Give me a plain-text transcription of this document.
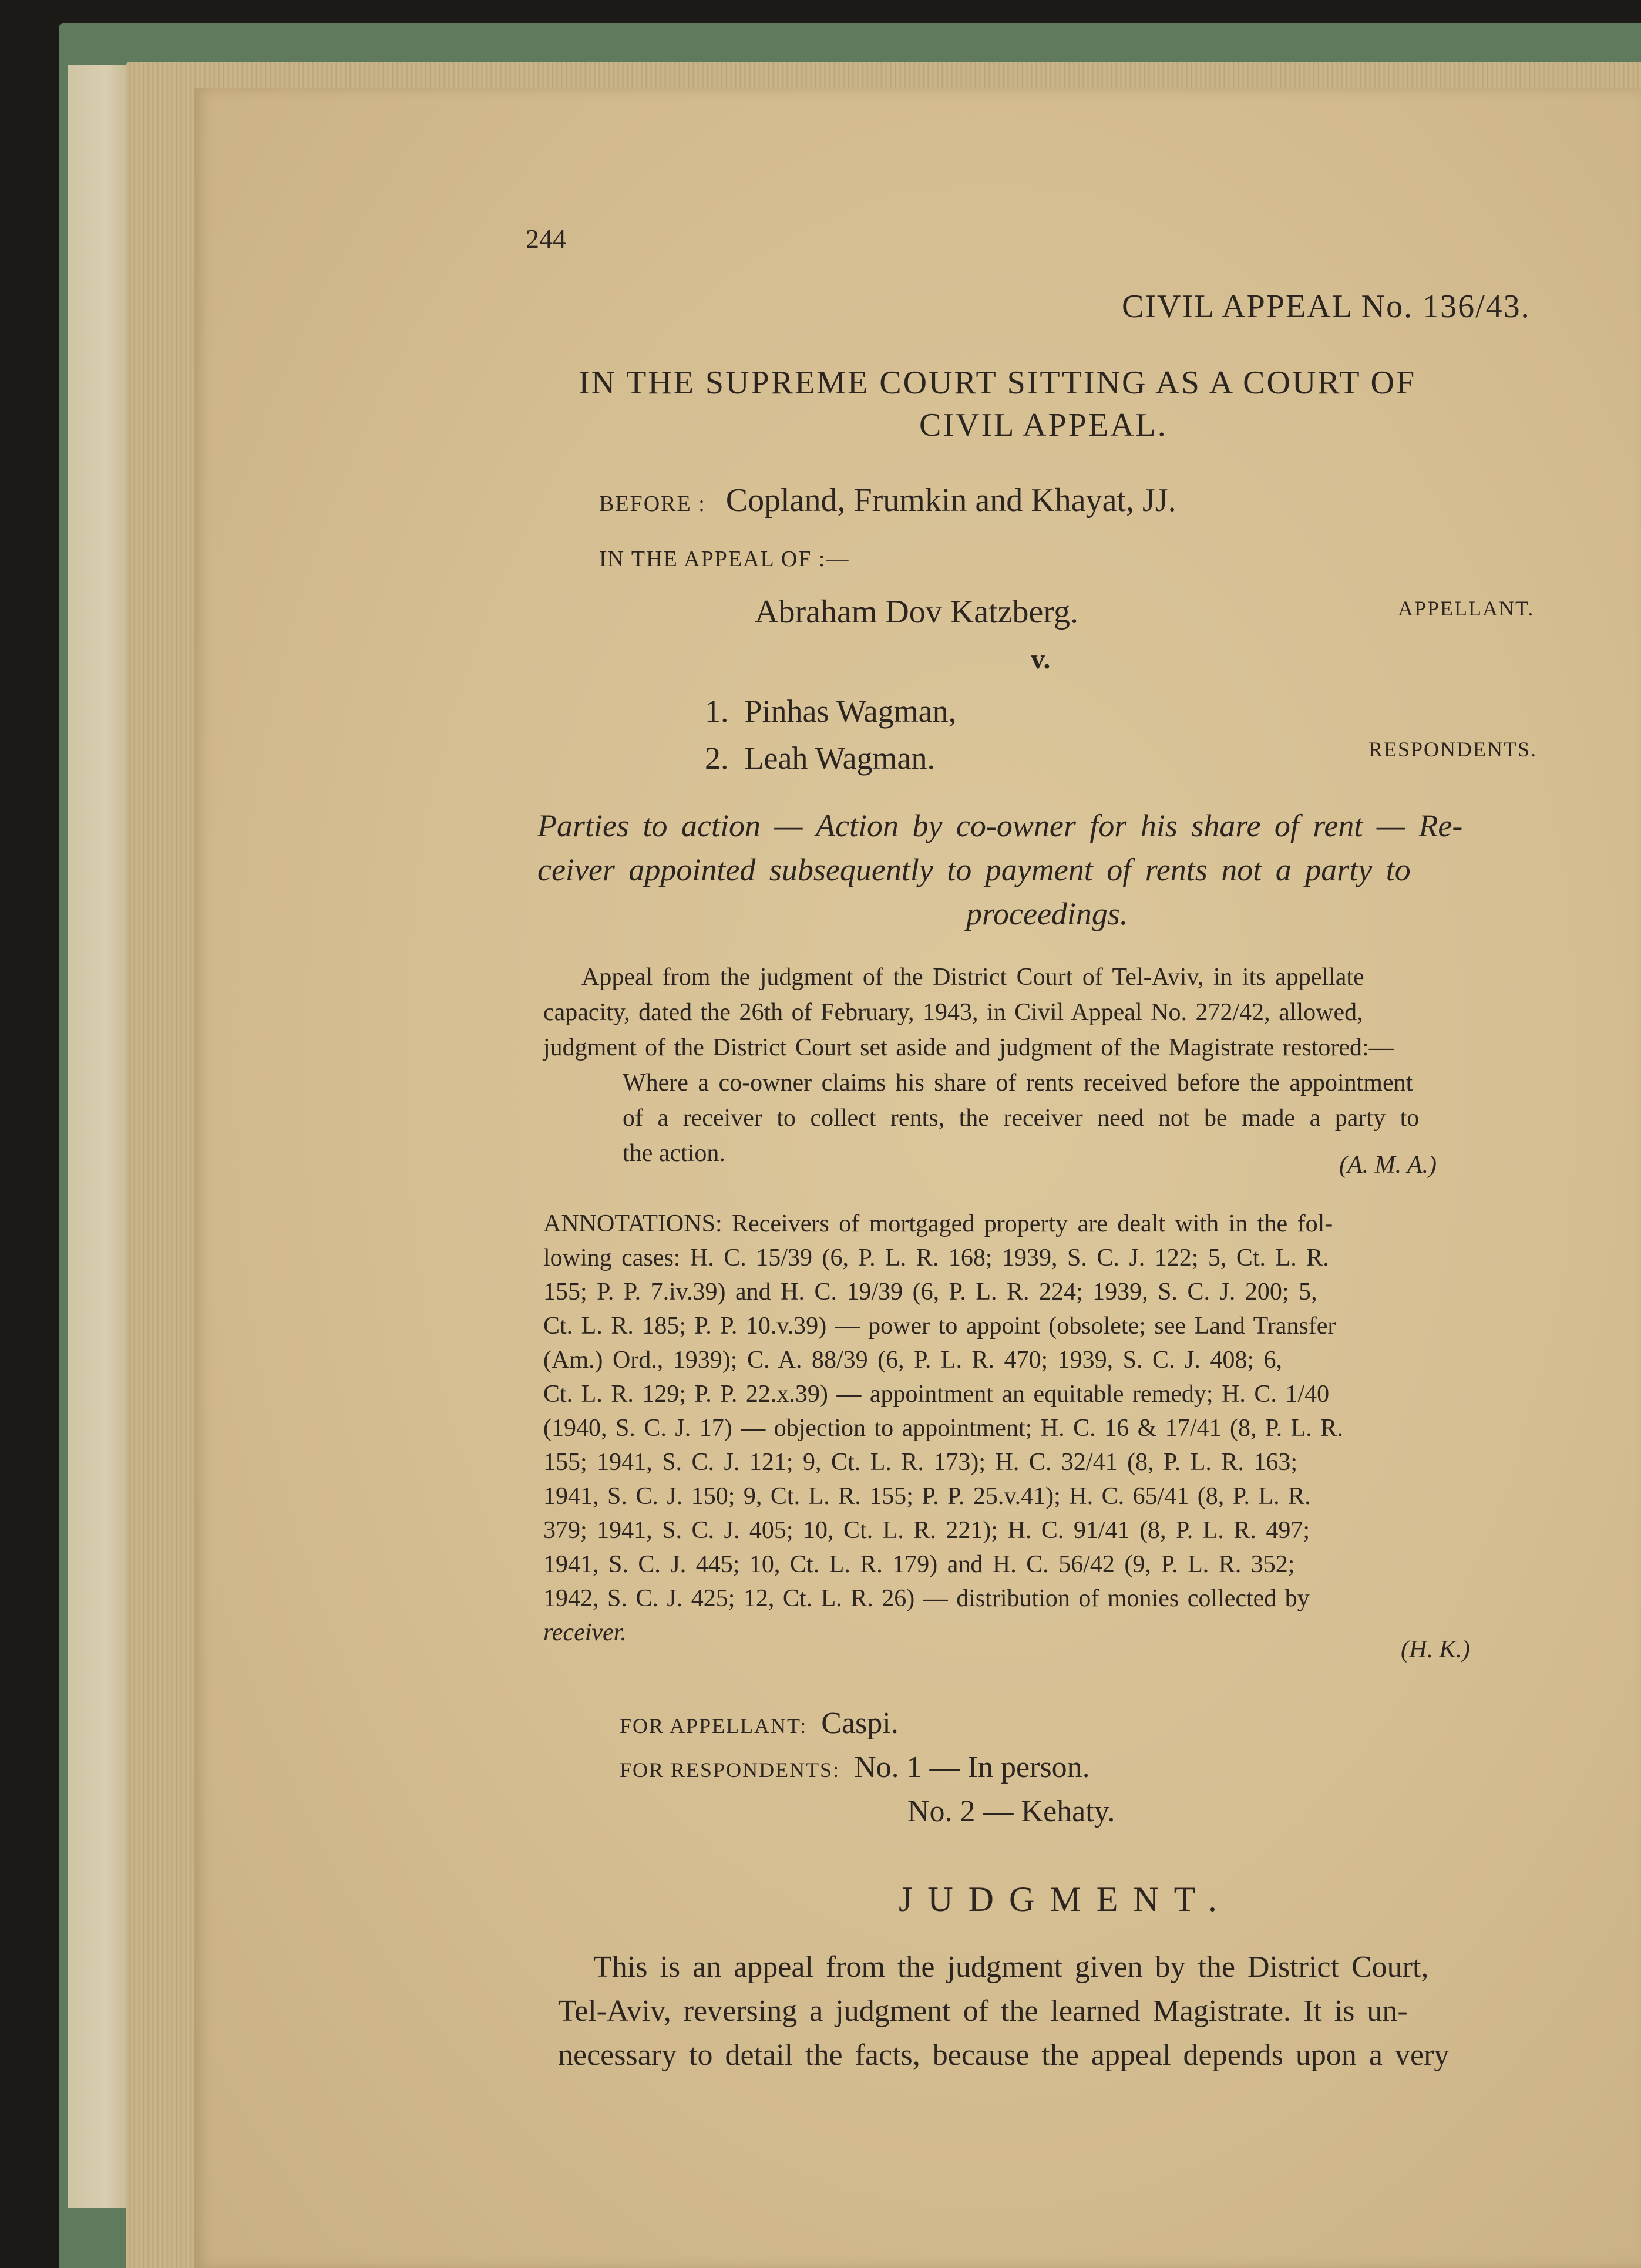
244
CIVIL APPEAL No. 136/43.
IN THE SUPREME COURT SITTING AS A COURT OF
CIVIL APPEAL.
BEFORE : Copland, Frumkin and Khayat, JJ.
IN THE APPEAL OF :—
Abraham Dov Katzberg.	APPELLANT.
v.
1.  Pinhas Wagman,
2.  Leah Wagman.	RESPONDENTS.
Parties to action — Action by co-owner for his share of rent — Re-
ceiver appointed subsequently to payment of rents not a party to
proceedings.
Appeal from the judgment of the District Court of Tel-Aviv, in its appellate
capacity, dated the 26th of February, 1943, in Civil Appeal No. 272/42, allowed,
judgment of the District Court set aside and judgment of the Magistrate restored:—
Where a co-owner claims his share of rents received before the appointment
of a receiver to collect rents, the receiver need not be made a party to
the action.	(A. M. A.)
ANNOTATIONS: Receivers of mortgaged property are dealt with in the fol-
lowing cases: H. C. 15/39 (6, P. L. R. 168; 1939, S. C. J. 122; 5, Ct. L. R.
155; P. P. 7.iv.39) and H. C. 19/39 (6, P. L. R. 224; 1939, S. C. J. 200; 5,
Ct. L. R. 185; P. P. 10.v.39) — power to appoint (obsolete; see Land Transfer
(Am.) Ord., 1939); C. A. 88/39 (6, P. L. R. 470; 1939, S. C. J. 408; 6,
Ct. L. R. 129; P. P. 22.x.39) — appointment an equitable remedy; H. C. 1/40
(1940, S. C. J. 17) — objection to appointment; H. C. 16 & 17/41 (8, P. L. R.
155; 1941, S. C. J. 121; 9, Ct. L. R. 173); H. C. 32/41 (8, P. L. R. 163;
1941, S. C. J. 150; 9, Ct. L. R. 155; P. P. 25.v.41); H. C. 65/41 (8, P. L. R.
379; 1941, S. C. J. 405; 10, Ct. L. R. 221); H. C. 91/41 (8, P. L. R. 497;
1941, S. C. J. 445; 10, Ct. L. R. 179) and H. C. 56/42 (9, P. L. R. 352;
1942, S. C. J. 425; 12, Ct. L. R. 26) — distribution of monies collected by
receiver.
(H. K.)
FOR APPELLANT: Caspi.
FOR RESPONDENTS: No. 1 — In person.
No. 2 — Kehaty.
JUDGMENT.
This is an appeal from the judgment given by the District Court,
Tel-Aviv, reversing a judgment of the learned Magistrate. It is un-
necessary to detail the facts, because the appeal depends upon a very
